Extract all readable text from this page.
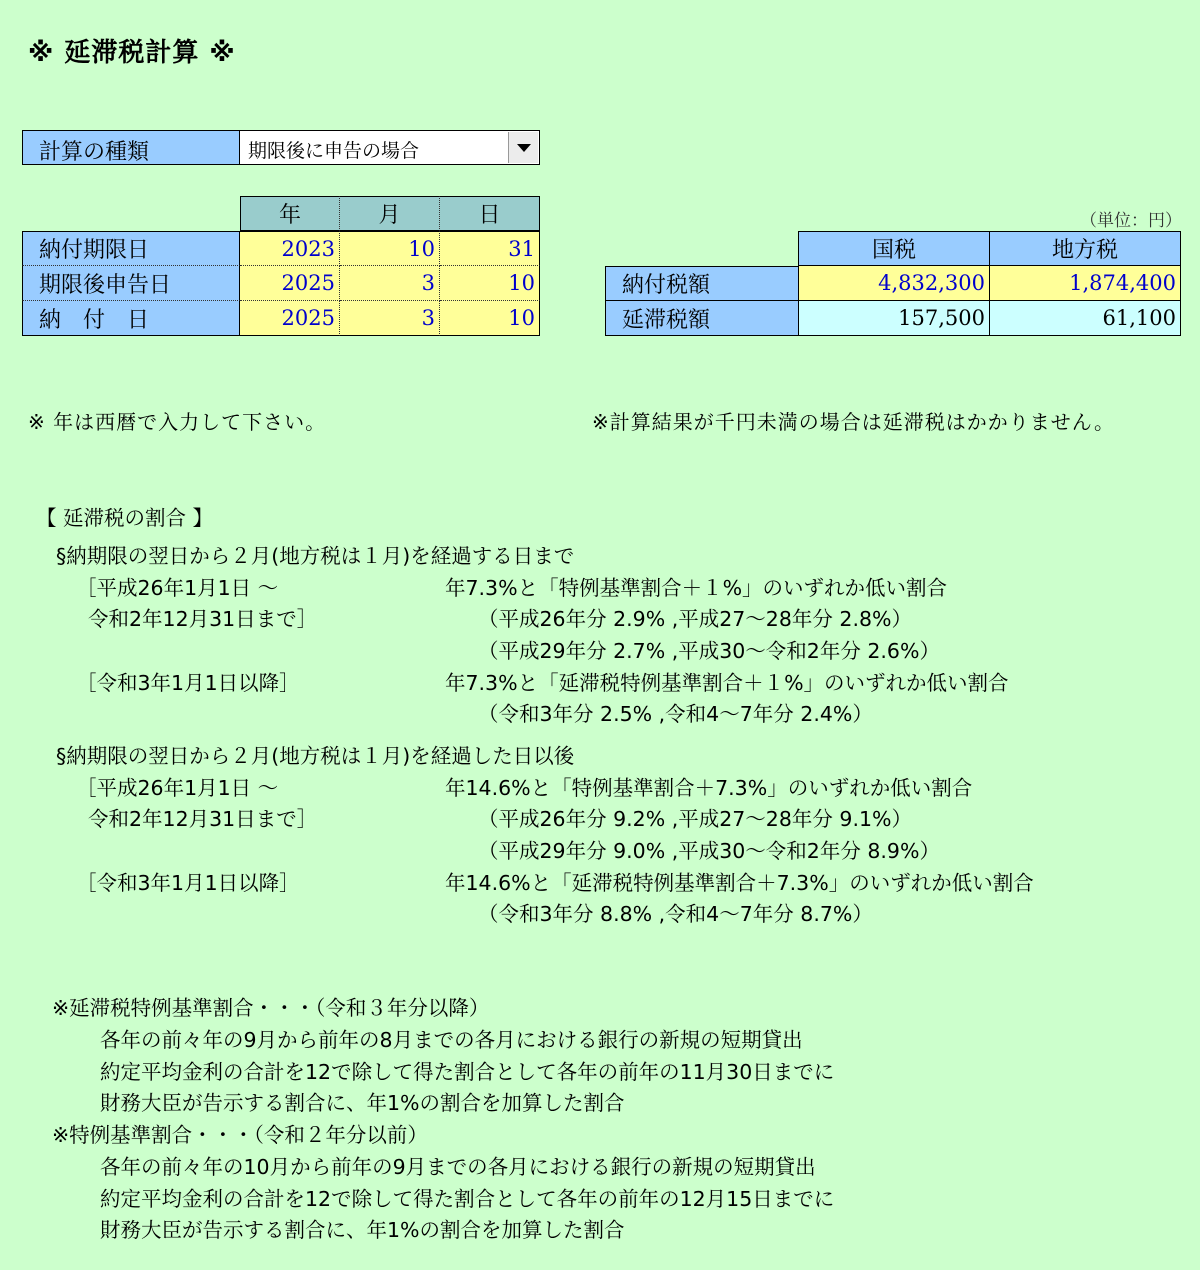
※ 延滞税計算 ※
計算の種類	期限後に申告の場合
年	月	日
納付期限日	2023	10	31
期限後申告日	2025	3	10
納　付　日	2025	3	10
（単位：円）
国税	地方税
納付税額	4,832,300	1,874,400
延滞税額	157,500	61,100
※ 年は西暦で入力して下さい。	※計算結果が千円未満の場合は延滞税はかかりません。
【 延滞税の割合 】
§納期限の翌日から２月(地方税は１月)を経過する日まで
［平成26年1月1日 ～	年7.3%と「特例基準割合＋１%」のいずれか低い割合
令和2年12月31日まで］	（平成26年分 2.9% ,平成27～28年分 2.8%）
（平成29年分 2.7% ,平成30～令和2年分 2.6%）
［令和3年1月1日以降］	年7.3%と「延滞税特例基準割合＋１%」のいずれか低い割合
（令和3年分 2.5% ,令和4～7年分 2.4%）
§納期限の翌日から２月(地方税は１月)を経過した日以後
［平成26年1月1日 ～	年14.6%と「特例基準割合＋7.3%」のいずれか低い割合
令和2年12月31日まで］	（平成26年分 9.2% ,平成27～28年分 9.1%）
（平成29年分 9.0% ,平成30～令和2年分 8.9%）
［令和3年1月1日以降］	年14.6%と「延滞税特例基準割合＋7.3%」のいずれか低い割合
（令和3年分 8.8% ,令和4～7年分 8.7%）
※延滞税特例基準割合・・・（令和３年分以降）
各年の前々年の9月から前年の8月までの各月における銀行の新規の短期貸出
約定平均金利の合計を12で除して得た割合として各年の前年の11月30日までに
財務大臣が告示する割合に、年1%の割合を加算した割合
※特例基準割合・・・（令和２年分以前）
各年の前々年の10月から前年の9月までの各月における銀行の新規の短期貸出
約定平均金利の合計を12で除して得た割合として各年の前年の12月15日までに
財務大臣が告示する割合に、年1%の割合を加算した割合
